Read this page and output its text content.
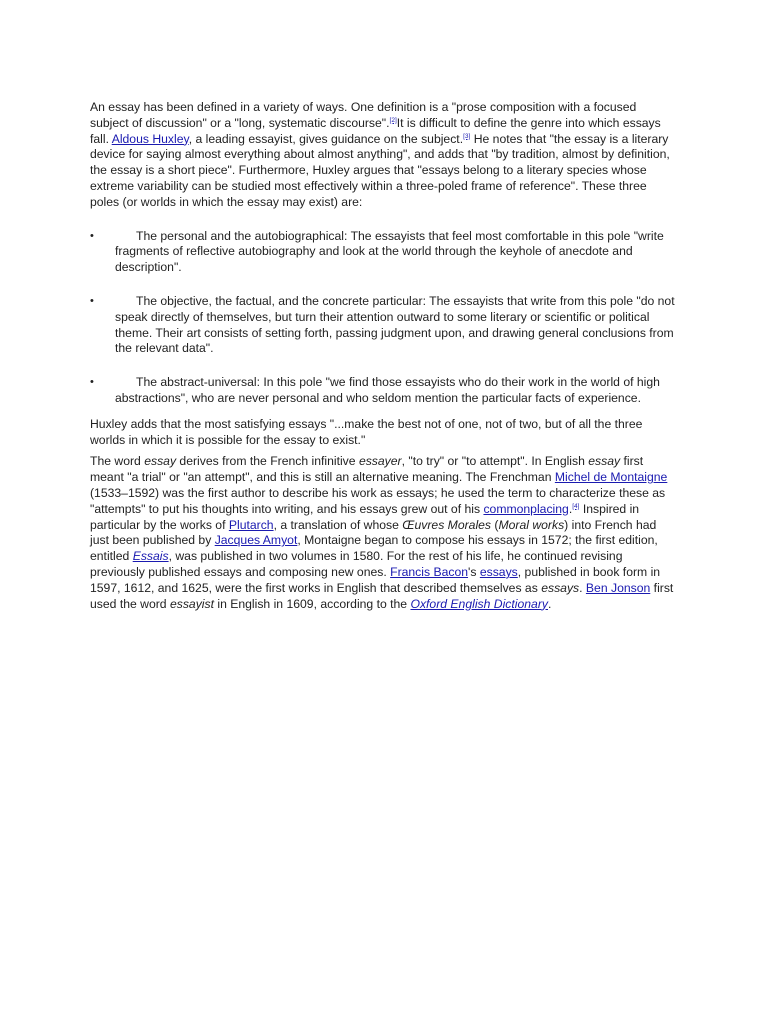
An essay has been defined in a variety of ways. One definition is a "prose composition with a focused subject of discussion" or a "long, systematic discourse".[2]It is difficult to define the genre into which essays fall. Aldous Huxley, a leading essayist, gives guidance on the subject.[3] He notes that "the essay is a literary device for saying almost everything about almost anything", and adds that "by tradition, almost by definition, the essay is a short piece". Furthermore, Huxley argues that "essays belong to a literary species whose extreme variability can be studied most effectively within a three-poled frame of reference". These three poles (or worlds in which the essay may exist) are:

•	The personal and the autobiographical: The essayists that feel most comfortable in this pole "write fragments of reflective autobiography and look at the world through the keyhole of anecdote and description".
•	The objective, the factual, and the concrete particular: The essayists that write from this pole "do not speak directly of themselves, but turn their attention outward to some literary or scientific or political theme. Their art consists of setting forth, passing judgment upon, and drawing general conclusions from the relevant data".
•	The abstract-universal: In this pole "we find those essayists who do their work in the world of high abstractions", who are never personal and who seldom mention the particular facts of experience.

Huxley adds that the most satisfying essays "...make the best not of one, not of two, but of all the three worlds in which it is possible for the essay to exist."

The word essay derives from the French infinitive essayer, "to try" or "to attempt". In English essay first meant "a trial" or "an attempt", and this is still an alternative meaning. The Frenchman Michel de Montaigne (1533–1592) was the first author to describe his work as essays; he used the term to characterize these as "attempts" to put his thoughts into writing, and his essays grew out of his commonplacing.[4] Inspired in particular by the works of Plutarch, a translation of whose Œuvres Morales (Moral works) into French had just been published by Jacques Amyot, Montaigne began to compose his essays in 1572; the first edition, entitled Essais, was published in two volumes in 1580. For the rest of his life, he continued revising previously published essays and composing new ones. Francis Bacon's essays, published in book form in 1597, 1612, and 1625, were the first works in English that described themselves as essays. Ben Jonson first used the word essayist in English in 1609, according to the Oxford English Dictionary.
